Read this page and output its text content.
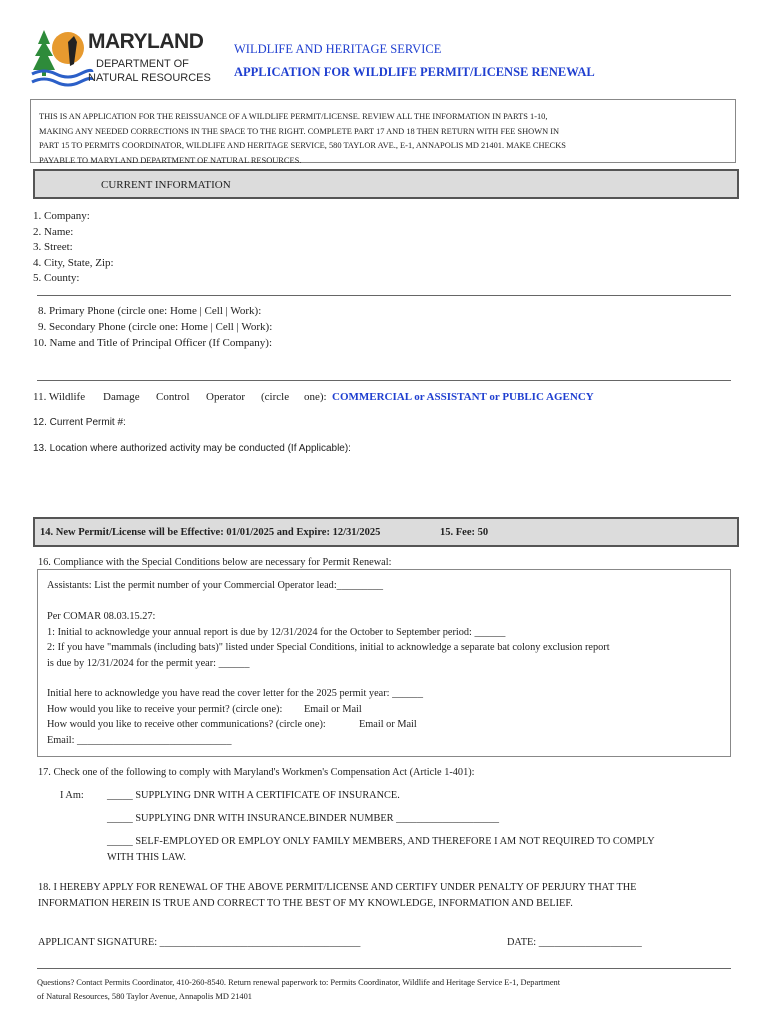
MARYLAND
DEPARTMENT OF
NATURAL RESOURCES
WILDLIFE AND HERITAGE SERVICE
APPLICATION FOR WILDLIFE PERMIT/LICENSE RENEWAL
THIS IS AN APPLICATION FOR THE REISSUANCE OF A WILDLIFE PERMIT/LICENSE. REVIEW ALL THE INFORMATION IN PARTS 1-10,
MAKING ANY NEEDED CORRECTIONS IN THE SPACE TO THE RIGHT. COMPLETE PART 17 AND 18 THEN RETURN WITH FEE SHOWN IN
PART 15 TO PERMITS COORDINATOR, WILDLIFE AND HERITAGE SERVICE, 580 TAYLOR AVE., E-1, ANNAPOLIS MD 21401. MAKE CHECKS
PAYABLE TO MARYLAND DEPARTMENT OF NATURAL RESOURCES.
CURRENT INFORMATION
1. Company:
2. Name:
3. Street:
4. City, State, Zip:
5. County:
8. Primary Phone (circle one: Home | Cell | Work):
9. Secondary Phone (circle one: Home | Cell | Work):
10. Name and Title of Principal Officer (If Company):
11. Wildlife Damage Control Operator (circle one): COMMERCIAL or ASSISTANT or PUBLIC AGENCY
12. Current Permit #:
13. Location where authorized activity may be conducted (If Applicable):
14. New Permit/License will be Effective: 01/01/2025 and Expire: 12/31/2025	15. Fee: 50
16. Compliance with the Special Conditions below are necessary for Permit Renewal:
Assistants: List the permit number of your Commercial Operator lead:_________
Per COMAR 08.03.15.27:
1: Initial to acknowledge your annual report is due by 12/31/2024 for the October to September period: ______
2: If you have "mammals (including bats)" listed under Special Conditions, initial to acknowledge a separate bat colony exclusion report
is due by 12/31/2024 for the permit year: ______
Initial here to acknowledge you have read the cover letter for the 2025 permit year: ______
How would you like to receive your permit? (circle one): Email or Mail
How would you like to receive other communications? (circle one):	Email or Mail
Email: ______________________________
17. Check one of the following to comply with Maryland's Workmen's Compensation Act (Article 1-401):
I Am: _____ SUPPLYING DNR WITH A CERTIFICATE OF INSURANCE.
_____ SUPPLYING DNR WITH INSURANCE.BINDER NUMBER ____________________
_____ SELF-EMPLOYED OR EMPLOY ONLY FAMILY MEMBERS, AND THEREFORE I AM NOT REQUIRED TO COMPLY
WITH THIS LAW.
18. I HEREBY APPLY FOR RENEWAL OF THE ABOVE PERMIT/LICENSE AND CERTIFY UNDER PENALTY OF PERJURY THAT THE
INFORMATION HEREIN IS TRUE AND CORRECT TO THE BEST OF MY KNOWLEDGE, INFORMATION AND BELIEF.
APPLICANT SIGNATURE: _______________________________________	DATE: ____________________
Questions? Contact Permits Coordinator, 410-260-8540. Return renewal paperwork to: Permits Coordinator, Wildlife and Heritage Service E-1, Department
of Natural Resources, 580 Taylor Avenue, Annapolis MD 21401
